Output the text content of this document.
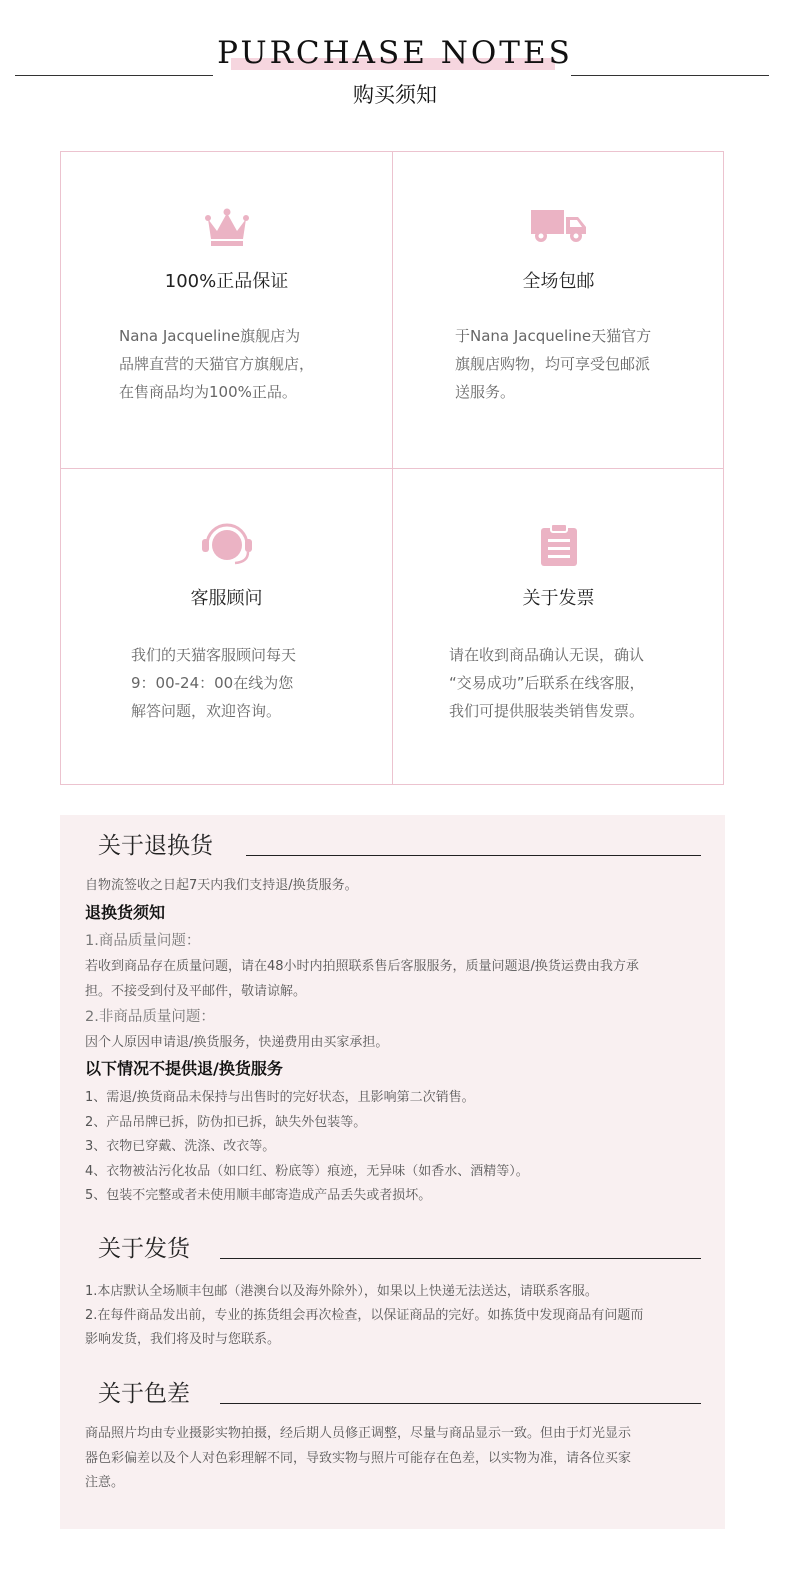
PURCHASE NOTES
购买须知
100%正品保证
Nana Jacqueline旗舰店为
品牌直营的天猫官方旗舰店，
在售商品均为100%正品。
全场包邮
于Nana Jacqueline天猫官方
旗舰店购物，均可享受包邮派
送服务。
客服顾问
我们的天猫客服顾问每天
9：00-24：00在线为您
解答问题，欢迎咨询。
关于发票
请在收到商品确认无误，确认
“交易成功”后联系在线客服，
我们可提供服装类销售发票。
关于退换货
自物流签收之日起7天内我们支持退/换货服务。
退换货须知
1.商品质量问题：
若收到商品存在质量问题，请在48小时内拍照联系售后客服服务，质量问题退/换货运费由我方承
担。不接受到付及平邮件，敬请谅解。
2.非商品质量问题：
因个人原因申请退/换货服务，快递费用由买家承担。
以下情况不提供退/换货服务
1、需退/换货商品未保持与出售时的完好状态，且影响第二次销售。
2、产品吊牌已拆，防伪扣已拆，缺失外包装等。
3、衣物已穿戴、洗涤、改衣等。
4、衣物被沾污化妆品（如口红、粉底等）痕迹，无异味（如香水、酒精等）。
5、包装不完整或者未使用顺丰邮寄造成产品丢失或者损坏。
关于发货
1.本店默认全场顺丰包邮（港澳台以及海外除外），如果以上快递无法送达，请联系客服。
2.在每件商品发出前，专业的拣货组会再次检查，以保证商品的完好。如拣货中发现商品有问题而
影响发货，我们将及时与您联系。
关于色差
商品照片均由专业摄影实物拍摄，经后期人员修正调整，尽量与商品显示一致。但由于灯光显示
器色彩偏差以及个人对色彩理解不同，导致实物与照片可能存在色差，以实物为准，请各位买家
注意。
